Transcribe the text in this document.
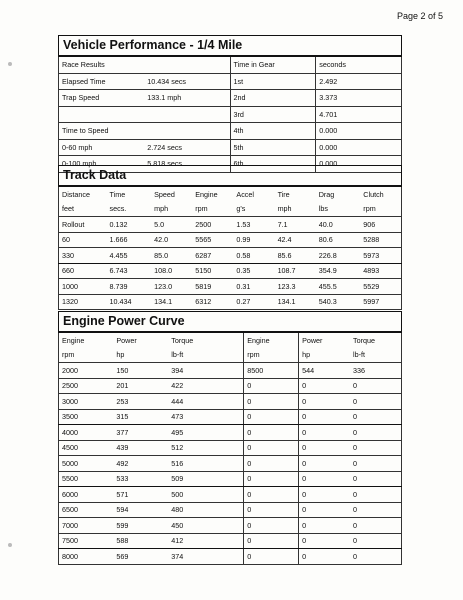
Page 2 of 5
Vehicle Performance - 1/4 Mile
Race Results		Time in Gear	seconds
Elapsed Time	10.434 secs	1st	2.492
Trap Speed	133.1 mph	2nd	3.373
		3rd	4.701
Time to Speed		4th	0.000
0-60 mph	2.724 secs	5th	0.000
0-100 mph	5.818 secs	6th	0.000
Track Data
Distance	Time	Speed	Engine	Accel	Tire	Drag	Clutch
feet	secs.	mph	rpm	g's	mph	lbs	rpm
Rollout	0.132	5.0	2500	1.53	7.1	40.0	906
60	1.666	42.0	5565	0.99	42.4	80.6	5288
330	4.455	85.0	6287	0.58	85.6	226.8	5973
660	6.743	108.0	5150	0.35	108.7	354.9	4893
1000	8.739	123.0	5819	0.31	123.3	455.5	5529
1320	10.434	134.1	6312	0.27	134.1	540.3	5997
Engine Power Curve
Engine	Power	Torque	Engine	Power	Torque
rpm	hp	lb-ft	rpm	hp	lb-ft
2000	150	394	8500	544	336
2500	201	422	0	0	0
3000	253	444	0	0	0
3500	315	473	0	0	0
4000	377	495	0	0	0
4500	439	512	0	0	0
5000	492	516	0	0	0
5500	533	509	0	0	0
6000	571	500	0	0	0
6500	594	480	0	0	0
7000	599	450	0	0	0
7500	588	412	0	0	0
8000	569	374	0	0	0
